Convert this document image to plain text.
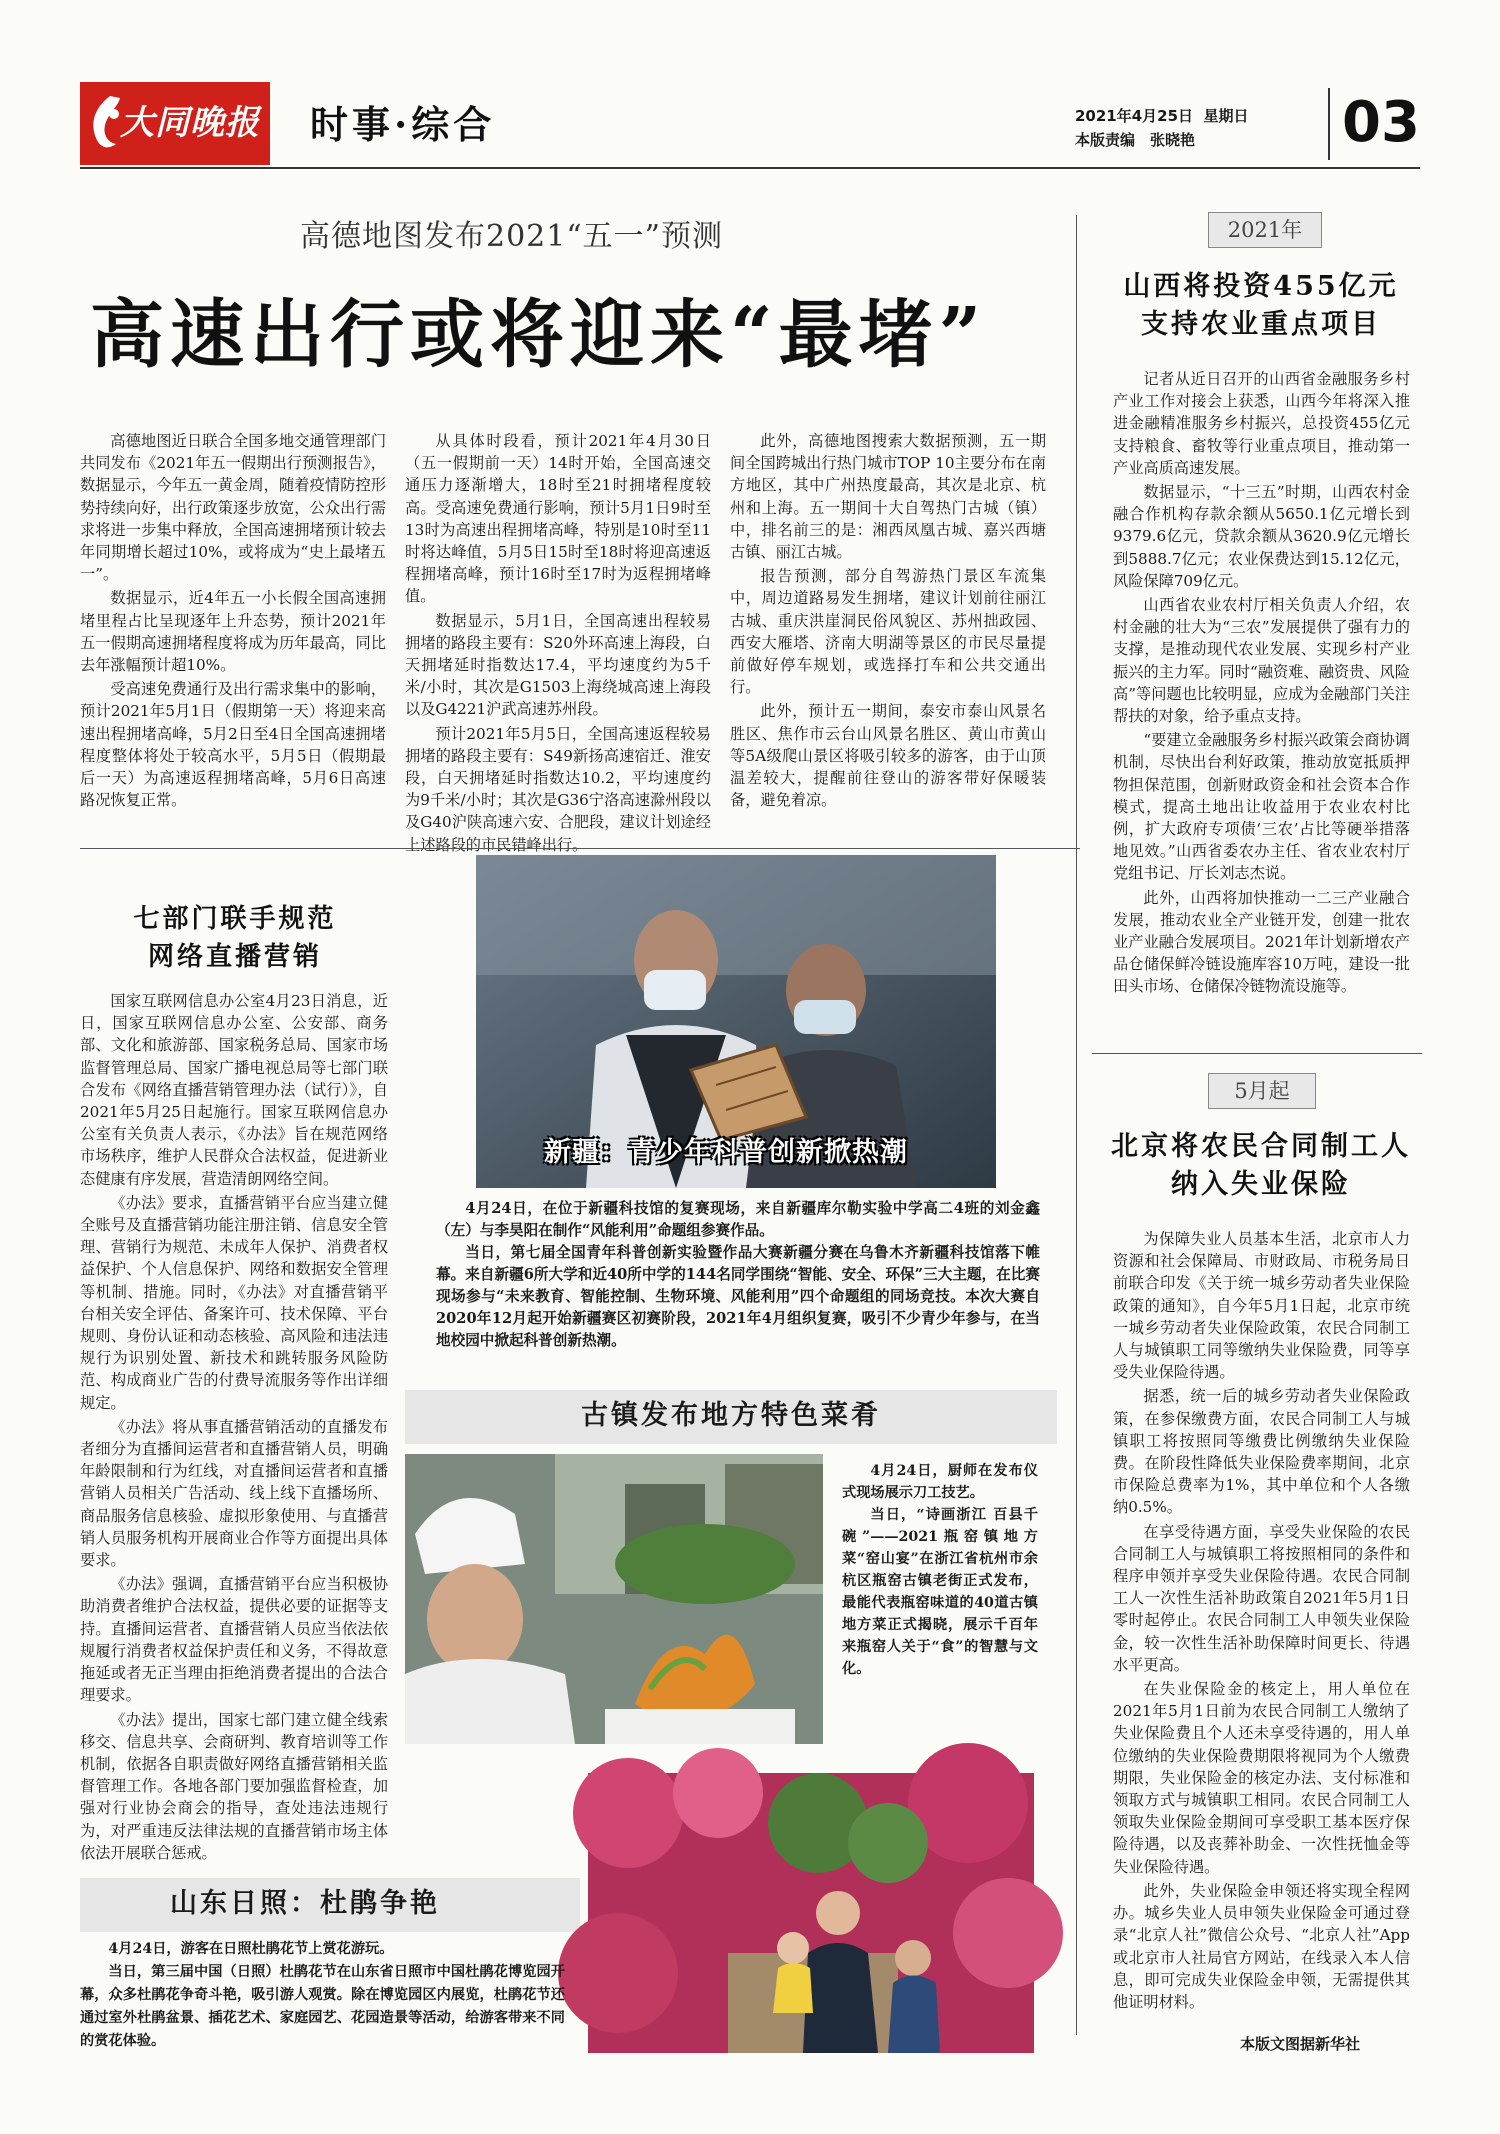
大同晚报 时事·综合	2021年4月25日  星期日
本版责编　张晓艳	03
高德地图发布2021“五一”预测
高速出行或将迎来“最堵”

高德地图近日联合全国多地交通管理部门共同发布《2021年五一假期出行预测报告》，数据显示，今年五一黄金周，随着疫情防控形势持续向好，出行政策逐步放宽，公众出行需求将进一步集中释放，全国高速拥堵预计较去年同期增长超过10%，或将成为“史上最堵五一”。

数据显示，近4年五一小长假全国高速拥堵里程占比呈现逐年上升态势，预计2021年五一假期高速拥堵程度将成为历年最高，同比去年涨幅预计超10%。

受高速免费通行及出行需求集中的影响，预计2021年5月1日（假期第一天）将迎来高速出程拥堵高峰，5月2日至4日全国高速拥堵程度整体将处于较高水平，5月5日（假期最后一天）为高速返程拥堵高峰，5月6日高速路况恢复正常。

从具体时段看，预计2021年4月30日（五一假期前一天）14时开始，全国高速交通压力逐渐增大，18时至21时拥堵程度较高。受高速免费通行影响，预计5月1日9时至13时为高速出程拥堵高峰，特别是10时至11时将达峰值，5月5日15时至18时将迎高速返程拥堵高峰，预计16时至17时为返程拥堵峰值。

数据显示，5月1日，全国高速出程较易拥堵的路段主要有：S20外环高速上海段，白天拥堵延时指数达17.4，平均速度约为5千米/小时，其次是G1503上海绕城高速上海段以及G4221沪武高速苏州段。

预计2021年5月5日，全国高速返程较易拥堵的路段主要有：S49新扬高速宿迁、淮安段，白天拥堵延时指数达10.2，平均速度约为9千米/小时；其次是G36宁洛高速滁州段以及G40沪陕高速六安、合肥段，建议计划途经上述路段的市民错峰出行。

此外，高德地图搜索大数据预测，五一期间全国跨城出行热门城市TOP 10主要分布在南方地区，其中广州热度最高，其次是北京、杭州和上海。五一期间十大自驾热门古城（镇）中，排名前三的是：湘西凤凰古城、嘉兴西塘古镇、丽江古城。

报告预测，部分自驾游热门景区车流集中，周边道路易发生拥堵，建议计划前往丽江古城、重庆洪崖洞民俗风貌区、苏州拙政园、西安大雁塔、济南大明湖等景区的市民尽量提前做好停车规划，或选择打车和公共交通出行。

此外，预计五一期间，泰安市泰山风景名胜区、焦作市云台山风景名胜区、黄山市黄山等5A级爬山景区将吸引较多的游客，由于山顶温差较大，提醒前往登山的游客带好保暖装备，避免着凉。

2021年
山西将投资455亿元
支持农业重点项目

记者从近日召开的山西省金融服务乡村产业工作对接会上获悉，山西今年将深入推进金融精准服务乡村振兴，总投资455亿元支持粮食、畜牧等行业重点项目，推动第一产业高质高速发展。

数据显示，“十三五”时期，山西农村金融合作机构存款余额从5650.1亿元增长到9379.6亿元，贷款余额从3620.9亿元增长到5888.7亿元；农业保费达到15.12亿元，风险保障709亿元。

山西省农业农村厅相关负责人介绍，农村金融的壮大为“三农”发展提供了强有力的支撑，是推动现代农业发展、实现乡村产业振兴的主力军。同时“融资难、融资贵、风险高”等问题也比较明显，应成为金融部门关注帮扶的对象，给予重点支持。

“要建立金融服务乡村振兴政策会商协调机制，尽快出台利好政策，推动放宽抵质押物担保范围，创新财政资金和社会资本合作模式，提高土地出让收益用于农业农村比例，扩大政府专项债‘三农’占比等硬举措落地见效。”山西省委农办主任、省农业农村厅党组书记、厅长刘志杰说。

此外，山西将加快推动一二三产业融合发展，推动农业全产业链开发，创建一批农业产业融合发展项目。2021年计划新增农产品仓储保鲜冷链设施库容10万吨，建设一批田头市场、仓储保冷链物流设施等。

5月起
北京将农民合同制工人
纳入失业保险

为保障失业人员基本生活，北京市人力资源和社会保障局、市财政局、市税务局日前联合印发《关于统一城乡劳动者失业保险政策的通知》，自今年5月1日起，北京市统一城乡劳动者失业保险政策，农民合同制工人与城镇职工同等缴纳失业保险费，同等享受失业保险待遇。

据悉，统一后的城乡劳动者失业保险政策，在参保缴费方面，农民合同制工人与城镇职工将按照同等缴费比例缴纳失业保险费。在阶段性降低失业保险费率期间，北京市保险总费率为1%，其中单位和个人各缴纳0.5%。

在享受待遇方面，享受失业保险的农民合同制工人与城镇职工将按照相同的条件和程序申领并享受失业保险待遇。农民合同制工人一次性生活补助政策自2021年5月1日零时起停止。农民合同制工人申领失业保险金，较一次性生活补助保障时间更长、待遇水平更高。

在失业保险金的核定上，用人单位在2021年5月1日前为农民合同制工人缴纳了失业保险费且个人还未享受待遇的，用人单位缴纳的失业保险费期限将视同为个人缴费期限，失业保险金的核定办法、支付标准和领取方式与城镇职工相同。农民合同制工人领取失业保险金期间可享受职工基本医疗保险待遇，以及丧葬补助金、一次性抚恤金等失业保险待遇。

此外，失业保险金申领还将实现全程网办。城乡失业人员申领失业保险金可通过登录“北京人社”微信公众号、“北京人社”App或北京市人社局官方网站，在线录入本人信息，即可完成失业保险金申领，无需提供其他证明材料。

本版文图据新华社
七部门联手规范
网络直播营销

国家互联网信息办公室4月23日消息，近日，国家互联网信息办公室、公安部、商务部、文化和旅游部、国家税务总局、国家市场监督管理总局、国家广播电视总局等七部门联合发布《网络直播营销管理办法（试行）》，自2021年5月25日起施行。国家互联网信息办公室有关负责人表示，《办法》旨在规范网络市场秩序，维护人民群众合法权益，促进新业态健康有序发展，营造清朗网络空间。

《办法》要求，直播营销平台应当建立健全账号及直播营销功能注册注销、信息安全管理、营销行为规范、未成年人保护、消费者权益保护、个人信息保护、网络和数据安全管理等机制、措施。同时，《办法》对直播营销平台相关安全评估、备案许可、技术保障、平台规则、身份认证和动态核验、高风险和违法违规行为识别处置、新技术和跳转服务风险防范、构成商业广告的付费导流服务等作出详细规定。

《办法》将从事直播营销活动的直播发布者细分为直播间运营者和直播营销人员，明确年龄限制和行为红线，对直播间运营者和直播营销人员相关广告活动、线上线下直播场所、商品服务信息核验、虚拟形象使用、与直播营销人员服务机构开展商业合作等方面提出具体要求。

《办法》强调，直播营销平台应当积极协助消费者维护合法权益，提供必要的证据等支持。直播间运营者、直播营销人员应当依法依规履行消费者权益保护责任和义务，不得故意拖延或者无正当理由拒绝消费者提出的合法合理要求。

《办法》提出，国家七部门建立健全线索移交、信息共享、会商研判、教育培训等工作机制，依据各自职责做好网络直播营销相关监督管理工作。各地各部门要加强监督检查，加强对行业协会商会的指导，查处违法违规行为，对严重违反法律法规的直播营销市场主体依法开展联合惩戒。

新疆：青少年科普创新掀热潮

4月24日，在位于新疆科技馆的复赛现场，来自新疆库尔勒实验中学高二4班的刘金鑫（左）与李昊阳在制作“风能利用”命题组参赛作品。

当日，第七届全国青年科普创新实验暨作品大赛新疆分赛在乌鲁木齐新疆科技馆落下帷幕。来自新疆6所大学和近40所中学的144名同学围绕“智能、安全、环保”三大主题，在比赛现场参与“未来教育、智能控制、生物环境、风能利用”四个命题组的同场竞技。本次大赛自2020年12月起开始新疆赛区初赛阶段，2021年4月组织复赛，吸引不少青少年参与，在当地校园中掀起科普创新热潮。

古镇发布地方特色菜肴

4月24日，厨师在发布仪式现场展示刀工技艺。

当日，“诗画浙江 百县千碗”——2021瓶窑镇地方菜“窑山宴”在浙江省杭州市余杭区瓶窑古镇老街正式发布，最能代表瓶窑味道的40道古镇地方菜正式揭晓，展示千百年来瓶窑人关于“食”的智慧与文化。

山东日照：杜鹃争艳

4月24日，游客在日照杜鹃花节上赏花游玩。

当日，第三届中国（日照）杜鹃花节在山东省日照市中国杜鹃花博览园开幕，众多杜鹃花争奇斗艳，吸引游人观赏。除在博览园区内展览，杜鹃花节还通过室外杜鹃盆景、插花艺术、家庭园艺、花园造景等活动，给游客带来不同的赏花体验。
